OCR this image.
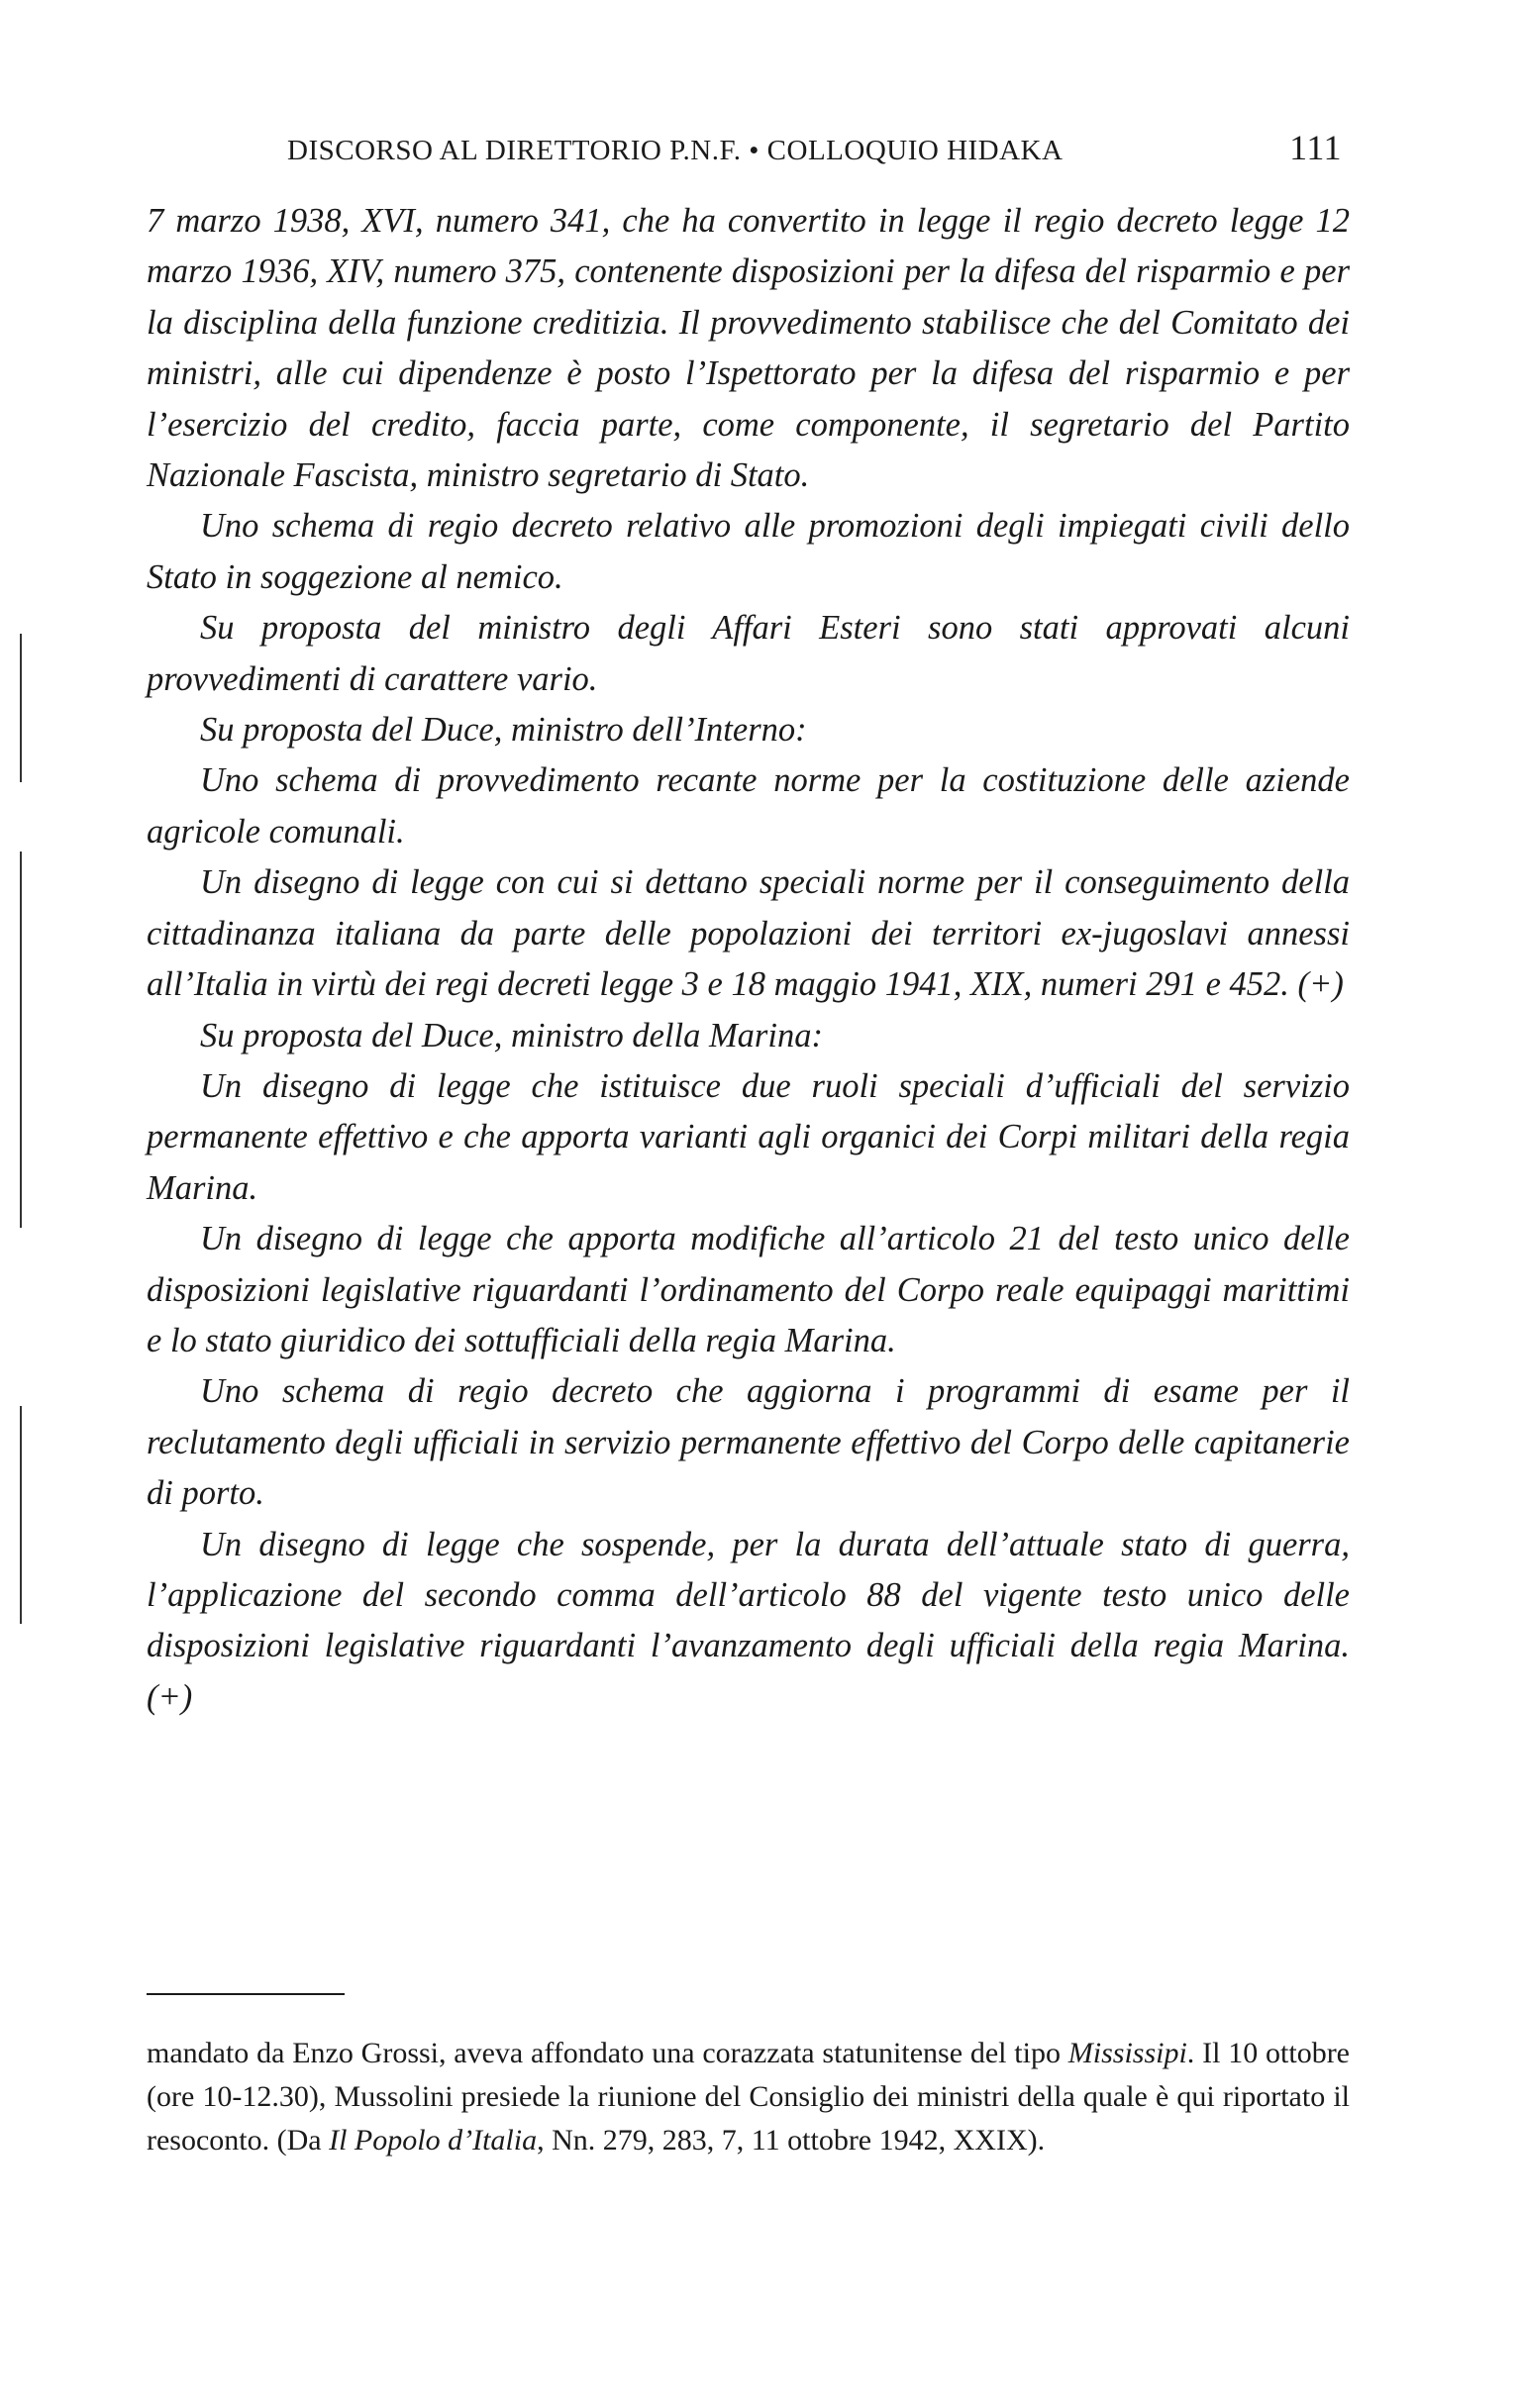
DISCORSO AL DIRETTORIO P.N.F. • COLLOQUIO HIDAKA	111

7 marzo 1938, XVI, numero 341, che ha convertito in legge il regio decreto legge 12 marzo 1936, XIV, numero 375, contenente disposizioni per la difesa del risparmio e per la disciplina della funzione creditizia. Il provvedimento stabilisce che del Comitato dei ministri, alle cui dipendenze è posto l’Ispettorato per la difesa del risparmio e per l’esercizio del credito, faccia parte, come componente, il segretario del Partito Nazionale Fascista, ministro segretario di Stato.

Uno schema di regio decreto relativo alle promozioni degli impiegati civili dello Stato in soggezione al nemico.

Su proposta del ministro degli Affari Esteri sono stati approvati alcuni provvedimenti di carattere vario.

Su proposta del Duce, ministro dell’Interno:

Uno schema di provvedimento recante norme per la costituzione delle aziende agricole comunali.

Un disegno di legge con cui si dettano speciali norme per il conseguimento della cittadinanza italiana da parte delle popolazioni dei territori ex-jugoslavi annessi all’Italia in virtù dei regi decreti legge 3 e 18 maggio 1941, XIX, numeri 291 e 452. (+)

Su proposta del Duce, ministro della Marina:

Un disegno di legge che istituisce due ruoli speciali d’ufficiali del servizio permanente effettivo e che apporta varianti agli organici dei Corpi militari della regia Marina.

Un disegno di legge che apporta modifiche all’articolo 21 del testo unico delle disposizioni legislative riguardanti l’ordinamento del Corpo reale equipaggi marittimi e lo stato giuridico dei sottufficiali della regia Marina.

Uno schema di regio decreto che aggiorna i programmi di esame per il reclutamento degli ufficiali in servizio permanente effettivo del Corpo delle capitanerie di porto.

Un disegno di legge che sospende, per la durata dell’attuale stato di guerra, l’applicazione del secondo comma dell’articolo 88 del vigente testo unico delle disposizioni legislative riguardanti l’avanzamento degli ufficiali della regia Marina. (+)

mandato da Enzo Grossi, aveva affondato una corazzata statunitense del tipo Mississipi. Il 10 ottobre (ore 10-12.30), Mussolini presiede la riunione del Consiglio dei ministri della quale è qui riportato il resoconto. (Da Il Popolo d’Italia, Nn. 279, 283, 7, 11 ottobre 1942, XXIX).
